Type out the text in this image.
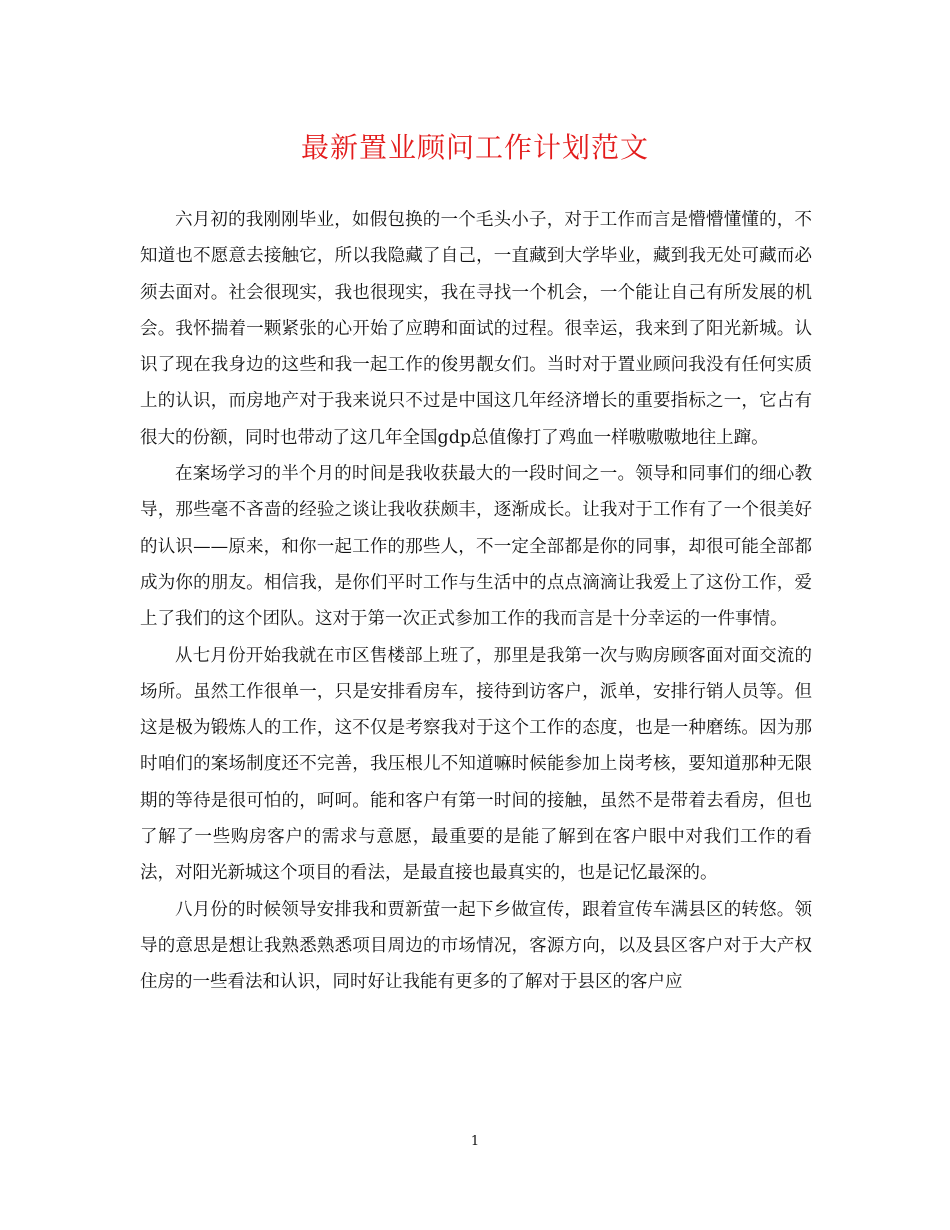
最新置业顾问工作计划范文

六月初的我刚刚毕业，如假包换的一个毛头小子，对于工作而言是懵懵懂懂的，不知道也不愿意去接触它，所以我隐藏了自己，一直藏到大学毕业，藏到我无处可藏而必须去面对。社会很现实，我也很现实，我在寻找一个机会，一个能让自己有所发展的机会。我怀揣着一颗紧张的心开始了应聘和面试的过程。很幸运，我来到了阳光新城。认识了现在我身边的这些和我一起工作的俊男靓女们。当时对于置业顾问我没有任何实质上的认识，而房地产对于我来说只不过是中国这几年经济增长的重要指标之一，它占有很大的份额，同时也带动了这几年全国gdp总值像打了鸡血一样嗷嗷嗷地往上蹿。

在案场学习的半个月的时间是我收获最大的一段时间之一。领导和同事们的细心教导，那些毫不吝啬的经验之谈让我收获颇丰，逐渐成长。让我对于工作有了一个很美好的认识——原来，和你一起工作的那些人，不一定全部都是你的同事，却很可能全部都成为你的朋友。相信我，是你们平时工作与生活中的点点滴滴让我爱上了这份工作，爱上了我们的这个团队。这对于第一次正式参加工作的我而言是十分幸运的一件事情。

从七月份开始我就在市区售楼部上班了，那里是我第一次与购房顾客面对面交流的场所。虽然工作很单一，只是安排看房车，接待到访客户，派单，安排行销人员等。但这是极为锻炼人的工作，这不仅是考察我对于这个工作的态度，也是一种磨练。因为那时咱们的案场制度还不完善，我压根儿不知道嘛时候能参加上岗考核，要知道那种无限期的等待是很可怕的，呵呵。能和客户有第一时间的接触，虽然不是带着去看房，但也了解了一些购房客户的需求与意愿，最重要的是能了解到在客户眼中对我们工作的看法，对阳光新城这个项目的看法，是最直接也最真实的，也是记忆最深的。

八月份的时候领导安排我和贾新萤一起下乡做宣传，跟着宣传车满县区的转悠。领导的意思是想让我熟悉熟悉项目周边的市场情况，客源方向，以及县区客户对于大产权住房的一些看法和认识，同时好让我能有更多的了解对于县区的客户应

1
